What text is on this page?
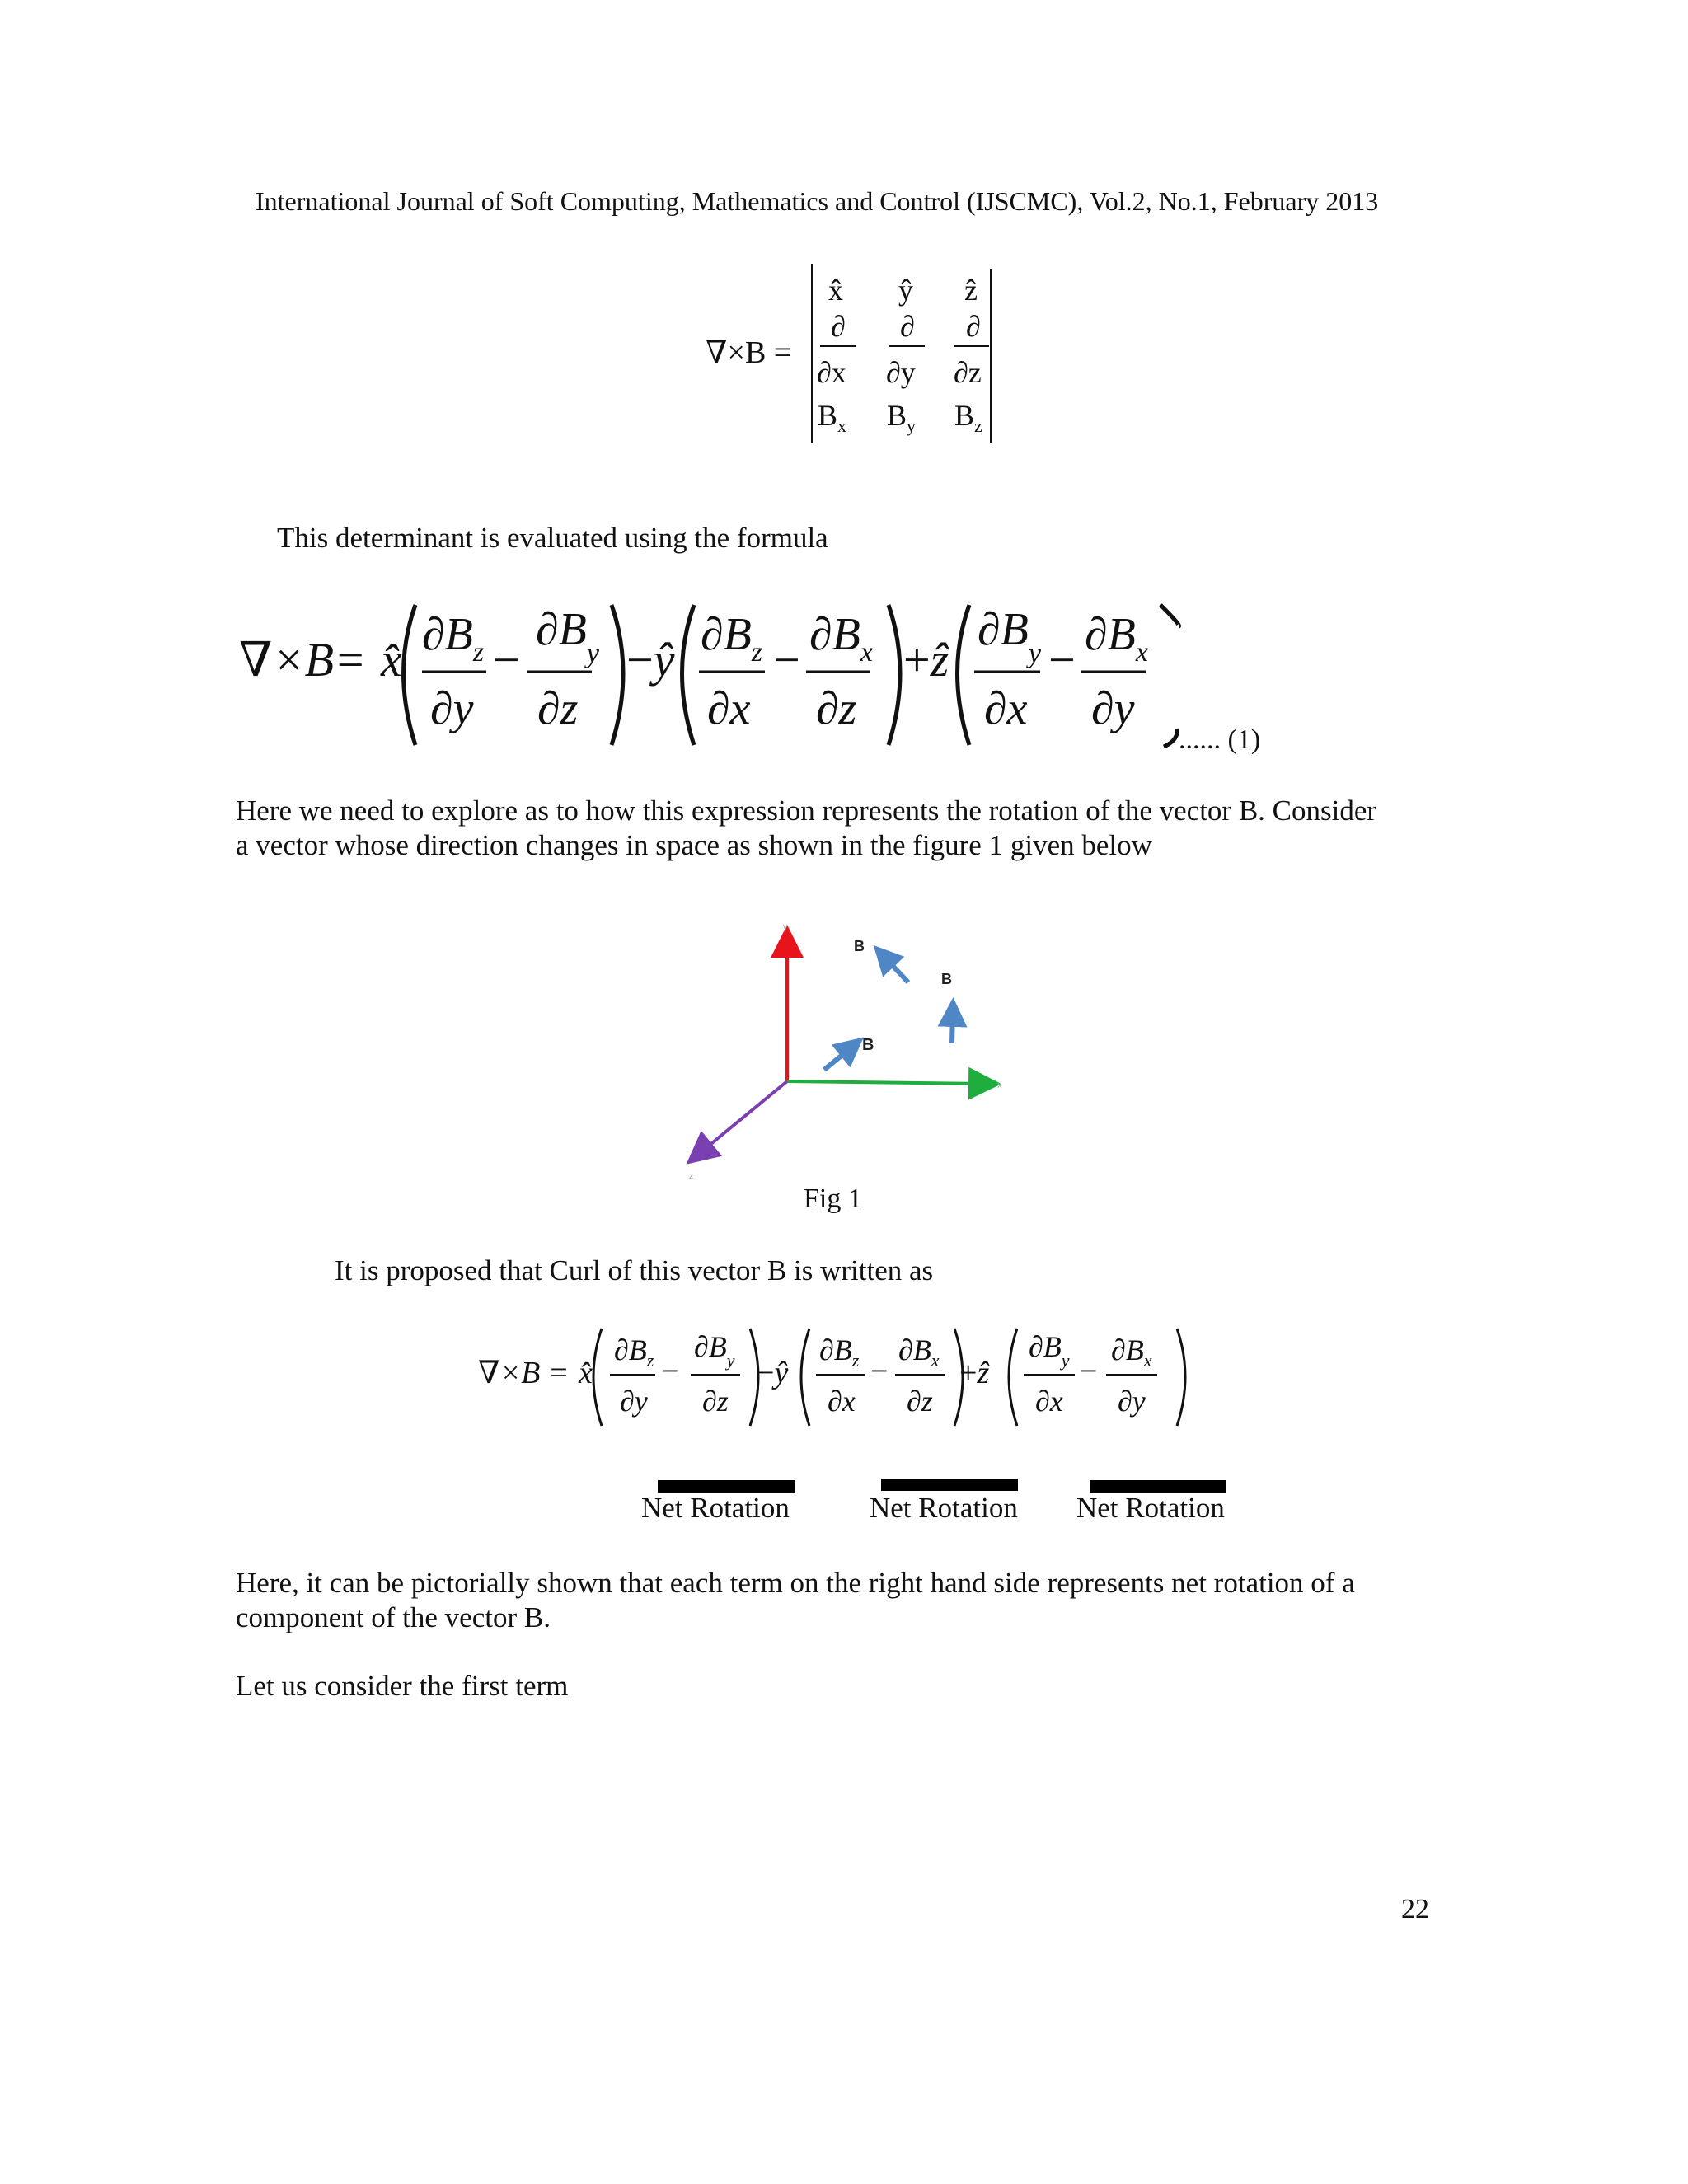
International Journal of Soft Computing, Mathematics and Control (IJSCMC), Vol.2, No.1, February 2013
∇×B =
x̂ ŷ ẑ
∂ ∂ ∂
∂x ∂y ∂z
$B_x$ $B_y$ $B_z$
This determinant is evaluated using the formula
∇×B= x̂ $\partial B_z$
∂y
−
$\partial B_y$
∂z
−ŷ $\partial B_z$
∂x
− $\partial B_x$
∂z
+ẑ
$\partial B_y$
∂x
− $\partial B_x$
∂y
...... (1)
Here we need to explore as to how this expression represents the rotation of the vector B. Consider
a vector whose direction changes in space as shown in the figure 1 given below
y
x
z
B
B
B
Fig 1
It is proposed that Curl of this vector B is written as
∇×B = x̂
$\partial B_z$
∂y
−
$\partial B_y$
∂z
−ŷ
$\partial B_z$
∂x
−
$\partial B_x$
∂z
+ẑ
$\partial B_y$
∂x
−
$\partial B_x$
∂y
Net Rotation	Net Rotation Net Rotation
Here, it can be pictorially shown that each term on the right hand side represents net rotation of a
component of the vector B.
Let us consider the first term
22
